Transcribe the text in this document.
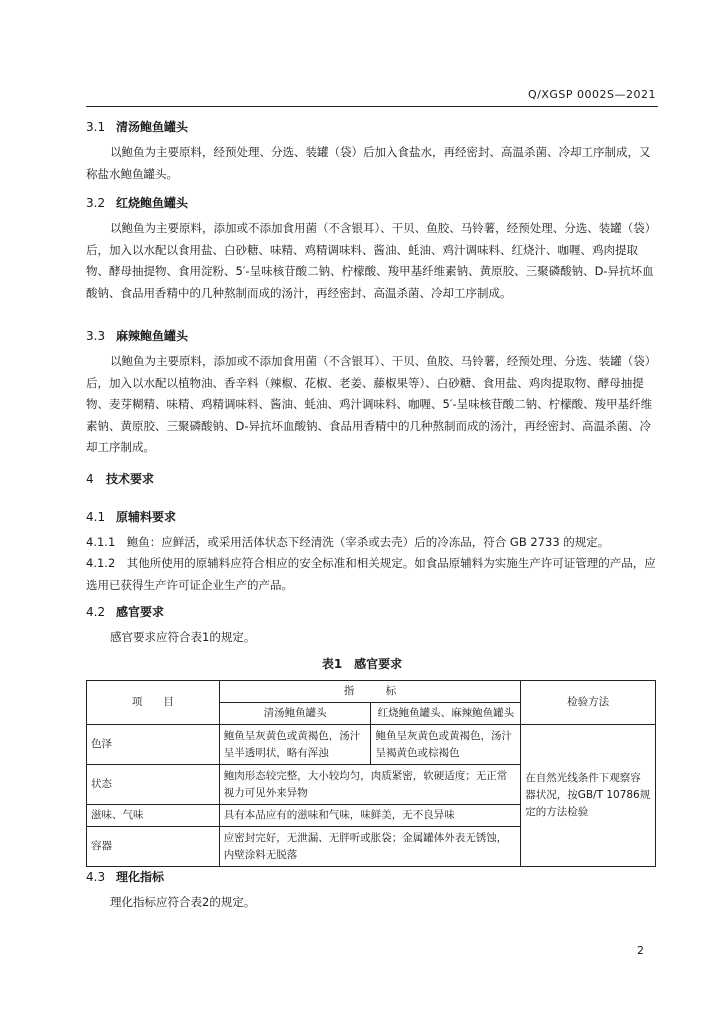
Q/XGSP 0002S—2021
3.1 清汤鲍鱼罐头
以鲍鱼为主要原料，经预处理、分选、装罐（袋）后加入食盐水，再经密封、高温杀菌、冷却工序制成，又称盐水鲍鱼罐头。
3.2 红烧鲍鱼罐头
以鲍鱼为主要原料，添加或不添加食用菌（不含银耳）、干贝、鱼胶、马铃薯，经预处理、分选、装罐（袋）后，加入以水配以食用盐、白砂糖、味精、鸡精调味料、酱油、蚝油、鸡汁调味料、红烧汁、咖喱、鸡肉提取物、酵母抽提物、食用淀粉、5′-呈味核苷酸二钠、柠檬酸、羧甲基纤维素钠、黄原胶、三聚磷酸钠、D-异抗坏血酸钠、食品用香精中的几种熬制而成的汤汁，再经密封、高温杀菌、冷却工序制成。
3.3 麻辣鲍鱼罐头
以鲍鱼为主要原料，添加或不添加食用菌（不含银耳）、干贝、鱼胶、马铃薯，经预处理、分选、装罐（袋）后，加入以水配以植物油、香辛料（辣椒、花椒、老姜、藤椒果等）、白砂糖、食用盐、鸡肉提取物、酵母抽提物、麦芽糊精、味精、鸡精调味料、酱油、蚝油、鸡汁调味料、咖喱、5′-呈味核苷酸二钠、柠檬酸、羧甲基纤维素钠、黄原胶、三聚磷酸钠、D-异抗坏血酸钠、食品用香精中的几种熬制而成的汤汁，再经密封、高温杀菌、冷却工序制成。
4 技术要求
4.1 原辅料要求
4.1.1　鲍鱼：应鲜活，或采用活体状态下经清洗（宰杀或去壳）后的冷冻品，符合 GB 2733 的规定。
4.1.2　其他所使用的原辅料应符合相应的安全标准和相关规定。如食品原辅料为实施生产许可证管理的产品，应选用已获得生产许可证企业生产的产品。
4.2 感官要求
感官要求应符合表1的规定。
表1　感官要求
项　　目	指　　　标		检验方法
	清汤鲍鱼罐头	红烧鲍鱼罐头、麻辣鲍鱼罐头	
色泽	鲍鱼呈灰黄色或黄褐色，汤汁呈半透明状，略有浑浊	鲍鱼呈灰黄色或黄褐色，汤汁呈褐黄色或棕褐色	在自然光线条件下观察容器状况，按GB/T 10786规定的方法检验
状态	鲍肉形态较完整，大小较均匀，肉质紧密，软硬适度；无正常视力可见外来异物		
滋味、气味	具有本品应有的滋味和气味，味鲜美，无不良异味		
容器	应密封完好，无泄漏、无胖听或胀袋；金属罐体外表无锈蚀，内壁涂料无脱落		
4.3 理化指标
理化指标应符合表2的规定。
2
